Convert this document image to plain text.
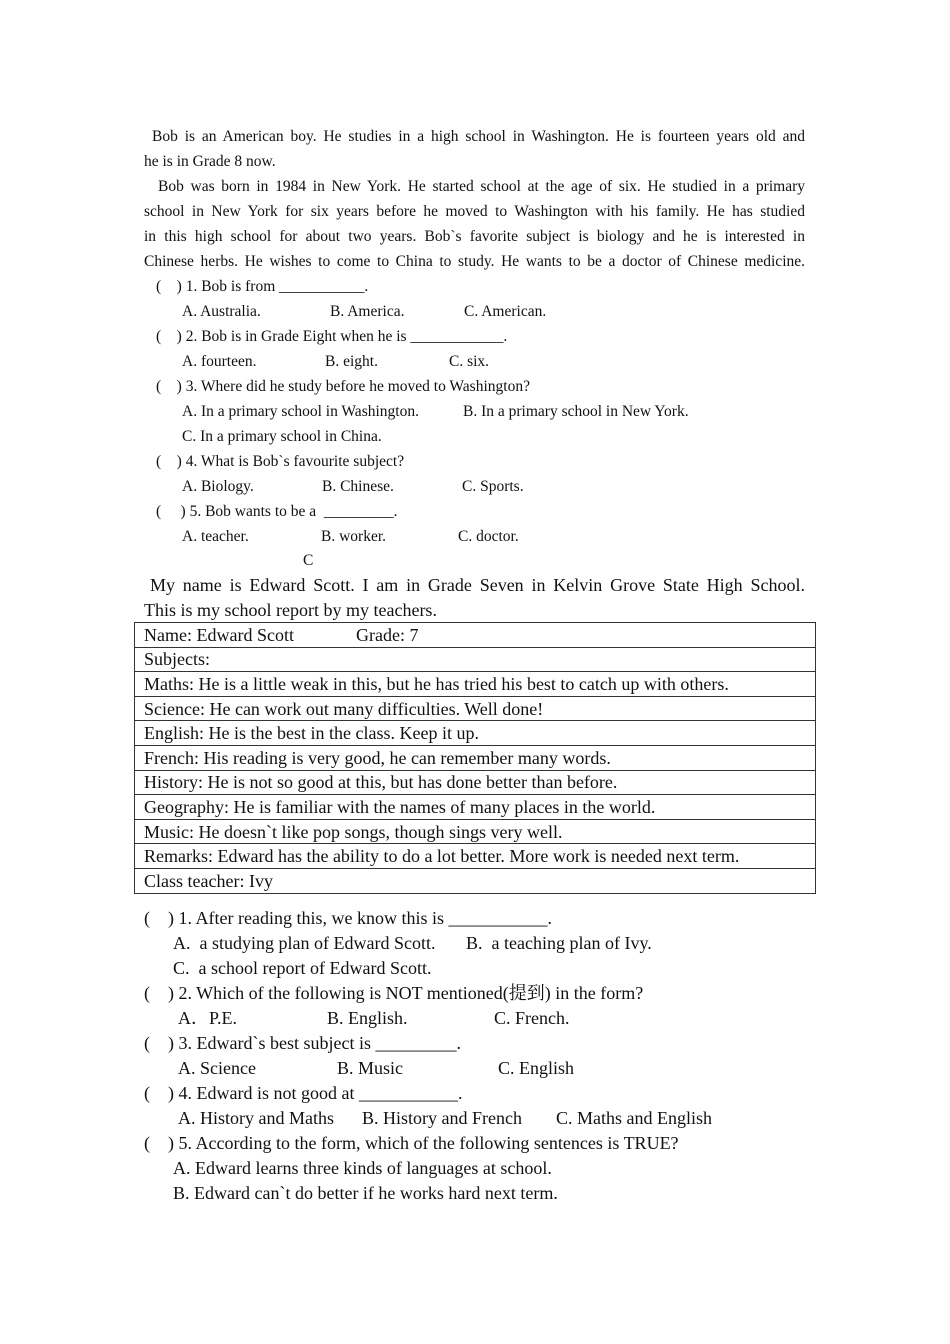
Bob is an American boy. He studies in a high school in Washington. He is fourteen years old and
he is in Grade 8 now.
Bob was born in 1984 in New York. He started school at the age of six. He studied in a primary
school in New York for six years before he moved to Washington with his family. He has studied
in this high school for about two years. Bob`s favorite subject is biology and he is interested in
Chinese herbs. He wishes to come to China to study. He wants to be a doctor of Chinese medicine.
(    ) 1. Bob is from ___________.
A. Australia.	B. America.	C. American.
(    ) 2. Bob is in Grade Eight when he is ____________.
A. fourteen.	B. eight.	C. six.
(    ) 3. Where did he study before he moved to Washington?
A. In a primary school in Washington.	B. In a primary school in New York.
C. In a primary school in China.
(    ) 4. What is Bob`s favourite subject?
A. Biology.	B. Chinese.	C. Sports.
(     ) 5. Bob wants to be a  _________.
A. teacher.	B. worker.	C. doctor.
C
My name is Edward Scott. I am in Grade Seven in Kelvin Grove State High School.
This is my school report by my teachers.
Name: Edward Scott	Grade: 7
Subjects:
Maths: He is a little weak in this, but he has tried his best to catch up with others.
Science: He can work out many difficulties. Well done!
English: He is the best in the class. Keep it up.
French: His reading is very good, he can remember many words.
History: He is not so good at this, but has done better than before.
Geography: He is familiar with the names of many places in the world.
Music: He doesn`t like pop songs, though sings very well.
Remarks: Edward has the ability to do a lot better. More work is needed next term.
Class teacher: Ivy
(    ) 1. After reading this, we know this is ___________.
A.  a studying plan of Edward Scott. B.  a teaching plan of Ivy.
C.  a school report of Edward Scott.
(    ) 2. Which of the following is NOT mentioned(提到) in the form?
A．P.E.	B. English.	C. French.
(    ) 3. Edward`s best subject is _________.
A. Science	B. Music	C. English
(    ) 4. Edward is not good at ___________.
A. History and Maths B. History and French C. Maths and English
(    ) 5. According to the form, which of the following sentences is TRUE?
A. Edward learns three kinds of languages at school.
B. Edward can`t do better if he works hard next term.
